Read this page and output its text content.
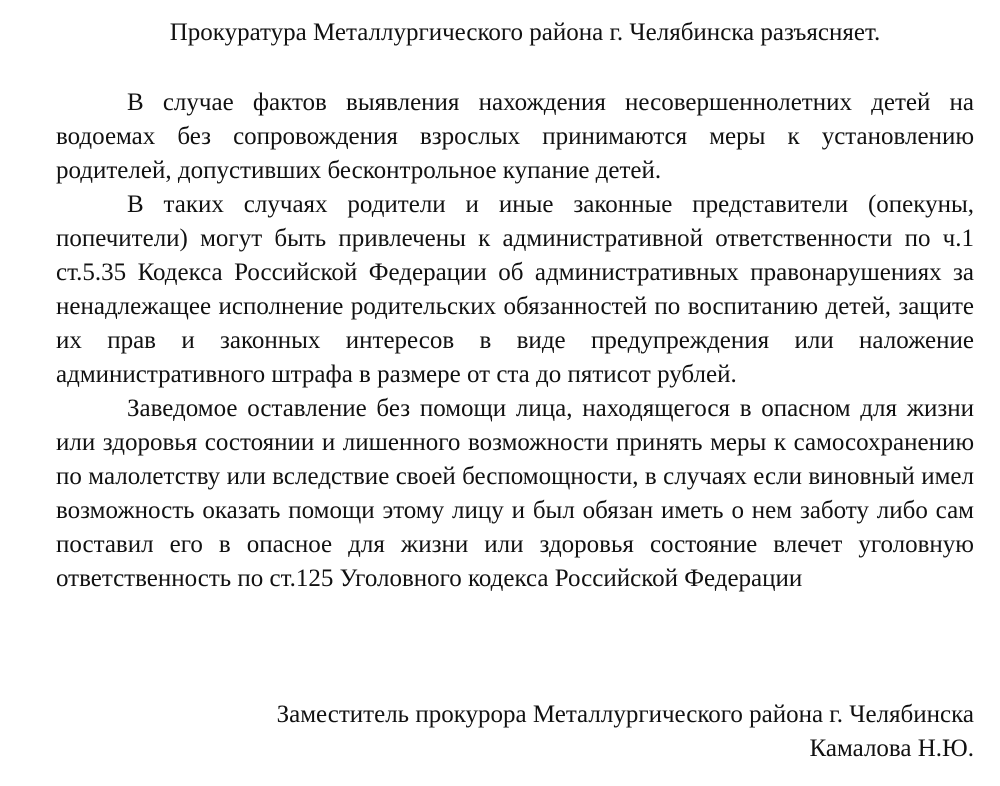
Прокуратура Металлургического района г. Челябинска разъясняет.

В случае фактов выявления нахождения несовершеннолетних детей на водоемах без сопровождения взрослых принимаются меры к установлению родителей, допустивших бесконтрольное купание детей.

В таких случаях родители и иные законные представители (опекуны, попечители) могут быть привлечены к административной ответственности по ч.1 ст.5.35 Кодекса Российской Федерации об административных правонарушениях за ненадлежащее исполнение родительских обязанностей по воспитанию детей, защите их прав и законных интересов в виде предупреждения или наложение административного штрафа в размере от ста до пятисот рублей.

Заведомое оставление без помощи лица, находящегося в опасном для жизни или здоровья состоянии и лишенного возможности принять меры к самосохранению по малолетству или вследствие своей беспомощности, в случаях если виновный имел возможность оказать помощи этому лицу и был обязан иметь о нем заботу либо сам поставил его в опасное для жизни или здоровья состояние влечет уголовную ответственность по ст.125 Уголовного кодекса Российской Федерации

Заместитель прокурора Металлургического района г. Челябинска

Камалова Н.Ю.
